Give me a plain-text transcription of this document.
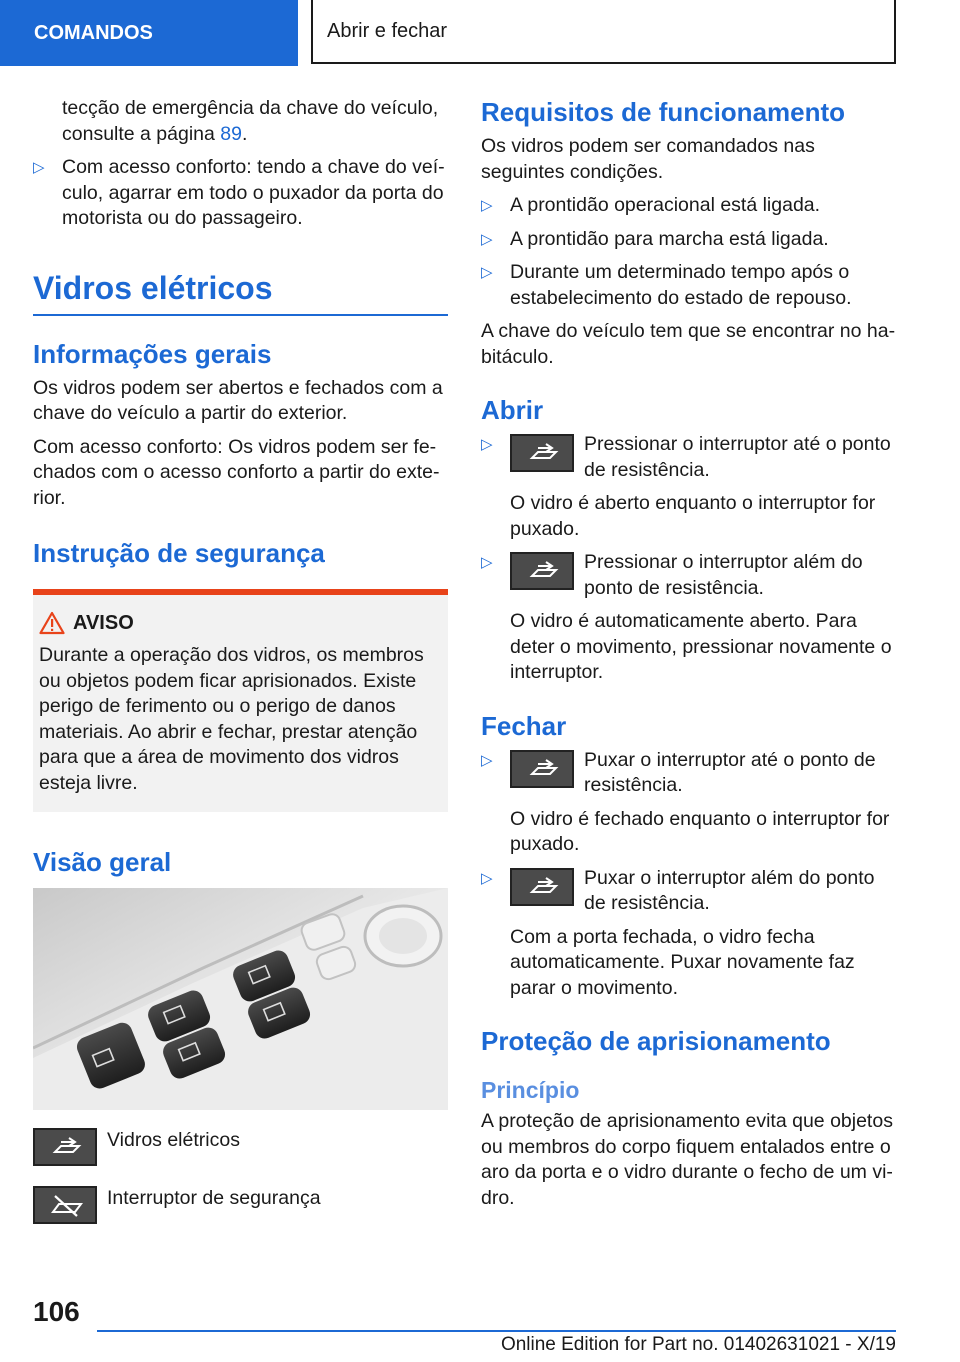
COMANDOS	Abrir e fechar

tecção de emergência da chave do veículo, consulte a página 89.

▷ Com acesso conforto: tendo a chave do veículo, agarrar em todo o puxador da porta do motorista ou do passageiro.

Vidros elétricos
Informações gerais

Os vidros podem ser abertos e fechados com a chave do veículo a partir do exterior.

Com acesso conforto: Os vidros podem ser fechados com o acesso conforto a partir do exterior.

Instrução de segurança
AVISO

Durante a operação dos vidros, os membros ou objetos podem ficar aprisionados. Existe perigo de ferimento ou o perigo de danos materiais. Ao abrir e fechar, prestar atenção para que a área de movimento dos vidros esteja livre.

Visão geral

Vidros elétricos

Interruptor de segurança

Requisitos de funcionamento

Os vidros podem ser comandados nas seguintes condições.

▷ A prontidão operacional está ligada.

▷ A prontidão para marcha está ligada.

▷ Durante um determinado tempo após o estabelecimento do estado de repouso.

A chave do veículo tem que se encontrar no habitáculo.

Abrir
▷	Pressionar o interruptor até o ponto de resistência.

O vidro é aberto enquanto o interruptor for puxado.

▷	Pressionar o interruptor além do ponto de resistência.

O vidro é automaticamente aberto. Para deter o movimento, pressionar novamente o interruptor.

Fechar
▷	Puxar o interruptor até o ponto de resistência.

O vidro é fechado enquanto o interruptor for puxado.

▷	Puxar o interruptor além do ponto de resistência.

Com a porta fechada, o vidro fecha automaticamente. Puxar novamente faz parar o movimento.

Proteção de aprisionamento
Princípio

A proteção de aprisionamento evita que objetos ou membros do corpo fiquem entalados entre o aro da porta e o vidro durante o fecho de um vidro.

106
Online Edition for Part no. 01402631021 - X/19
